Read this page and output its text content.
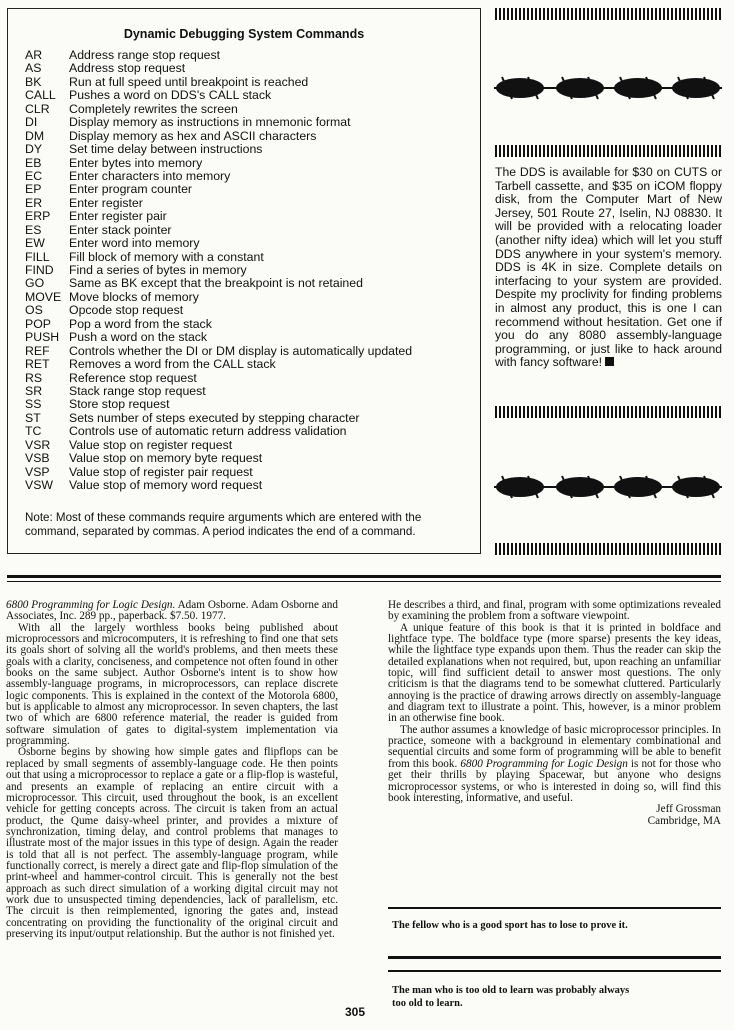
Dynamic Debugging System Commands
AR Address range stop request
AS Address stop request
BK Run at full speed until breakpoint is reached
CALL Pushes a word on DDS's CALL stack
CLR Completely rewrites the screen
DI	Display memory as instructions in mnemonic format
DM Display memory as hex and ASCII characters
DY Set time delay between instructions
EB Enter bytes into memory
EC Enter characters into memory
EP Enter program counter
ER Enter register
ERP Enter register pair
ES Enter stack pointer
EW Enter word into memory
FILL Fill block of memory with a constant
FIND Find a series of bytes in memory
GO Same as BK except that the breakpoint is not retained
MOVE Move blocks of memory
OS Opcode stop request
POP Pop a word from the stack
PUSH Push a word on the stack
REF Controls whether the DI or DM display is automatically updated
RET Removes a word from the CALL stack
RS Reference stop request
SR Stack range stop request
SS Store stop request
ST Sets number of steps executed by stepping character
TC Controls use of automatic return address validation
VSR Value stop on register request
VSB Value stop on memory byte request
VSP Value stop of register pair request
VSW Value stop of memory word request
Note: Most of these commands require arguments which are entered with the command, separated by commas. A period indicates the end of a command.
The DDS is available for $30 on CUTS or Tarbell cassette, and $35 on iCOM floppy disk, from the Computer Mart of New Jersey, 501 Route 27, Iselin, NJ 08830. It will be provided with a relocating loader (another nifty idea) which will let you stuff DDS anywhere in your system's memory. DDS is 4K in size. Complete details on interfacing to your system are provided. Despite my proclivity for finding problems in almost any product, this is one I can recommend without hesitation. Get one if you do any 8080 assembly-language programming, or just like to hack around with fancy software!

6800 Programming for Logic Design. Adam Osborne. Adam Osborne and Associates, Inc. 289 pp., paperback. $7.50. 1977.

With all the largely worthless books being published about microprocessors and microcomputers, it is refreshing to find one that sets its goals short of solving all the world's problems, and then meets these goals with a clarity, conciseness, and competence not often found in other books on the same subject. Author Osborne's intent is to show how assembly-language programs, in microprocessors, can replace discrete logic components. This is explained in the context of the Motorola 6800, but is applicable to almost any microprocessor. In seven chapters, the last two of which are 6800 reference material, the reader is guided from software simulation of gates to digital-system implementation via programming.

Osborne begins by showing how simple gates and flipflops can be replaced by small segments of assembly-language code. He then points out that using a microprocessor to replace a gate or a flip-flop is wasteful, and presents an example of replacing an entire circuit with a microprocessor. This circuit, used throughout the book, is an excellent vehicle for getting concepts across. The circuit is taken from an actual product, the Qume daisy-wheel printer, and provides a mixture of synchronization, timing delay, and control problems that manages to illustrate most of the major issues in this type of design. Again the reader is told that all is not perfect. The assembly-language program, while functionally correct, is merely a direct gate and flip-flop simulation of the print-wheel and hammer-control circuit. This is generally not the best approach as such direct simulation of a working digital circuit may not work due to unsuspected timing dependencies, lack of parallelism, etc. The circuit is then reimplemented, ignoring the gates and, instead concentrating on providing the functionality of the original circuit and preserving its input/output relationship. But the author is not finished yet.

He describes a third, and final, program with some optimizations revealed by examining the problem from a software viewpoint.

A unique feature of this book is that it is printed in boldface and lightface type. The boldface type (more sparse) presents the key ideas, while the lightface type expands upon them. Thus the reader can skip the detailed explanations when not required, but, upon reaching an unfamiliar topic, will find sufficient detail to answer most questions. The only criticism is that the diagrams tend to be somewhat cluttered. Particularly annoying is the practice of drawing arrows directly on assembly-language and diagram text to illustrate a point. This, however, is a minor problem in an otherwise fine book.

The author assumes a knowledge of basic microprocessor principles. In practice, someone with a background in elementary combinational and sequential circuits and some form of programming will be able to benefit from this book. 6800 Programming for Logic Design is not for those who get their thrills by playing Spacewar, but anyone who designs microprocessor systems, or who is interested in doing so, will find this book interesting, informative, and useful.

Jeff Grossman

Cambridge, MA

The fellow who is a good sport has to lose to prove it.
The man who is too old to learn was probably always too old to learn.
305
